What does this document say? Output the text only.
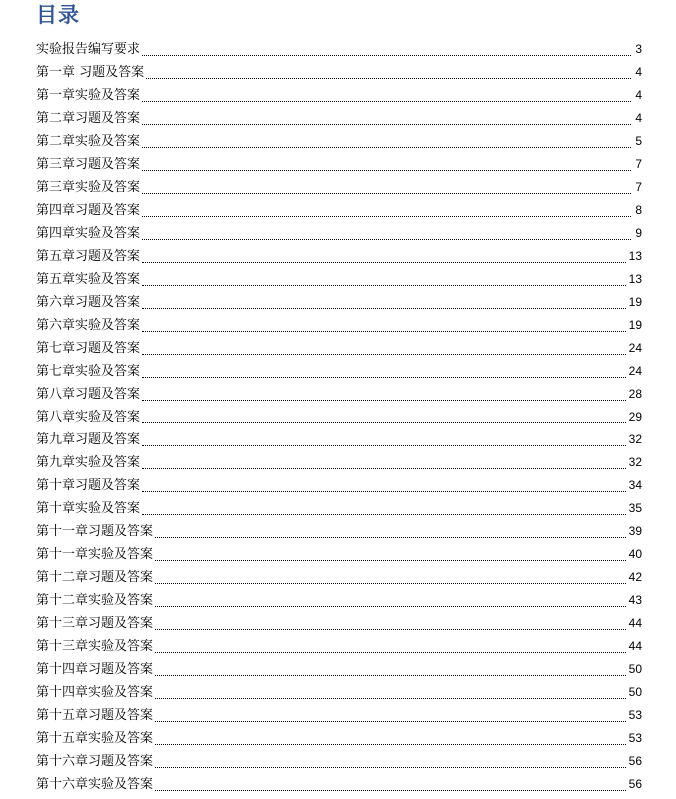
目录
实验报告编写要求	3
第一章 习题及答案	4
第一章实验及答案	4
第二章习题及答案	4
第二章实验及答案	5
第三章习题及答案	7
第三章实验及答案	7
第四章习题及答案	8
第四章实验及答案	9
第五章习题及答案	13
第五章实验及答案	13
第六章习题及答案	19
第六章实验及答案	19
第七章习题及答案	24
第七章实验及答案	24
第八章习题及答案	28
第八章实验及答案	29
第九章习题及答案	32
第九章实验及答案	32
第十章习题及答案	34
第十章实验及答案	35
第十一章习题及答案	39
第十一章实验及答案	40
第十二章习题及答案	42
第十二章实验及答案	43
第十三章习题及答案	44
第十三章实验及答案	44
第十四章习题及答案	50
第十四章实验及答案	50
第十五章习题及答案	53
第十五章实验及答案	53
第十六章习题及答案	56
第十六章实验及答案	56
